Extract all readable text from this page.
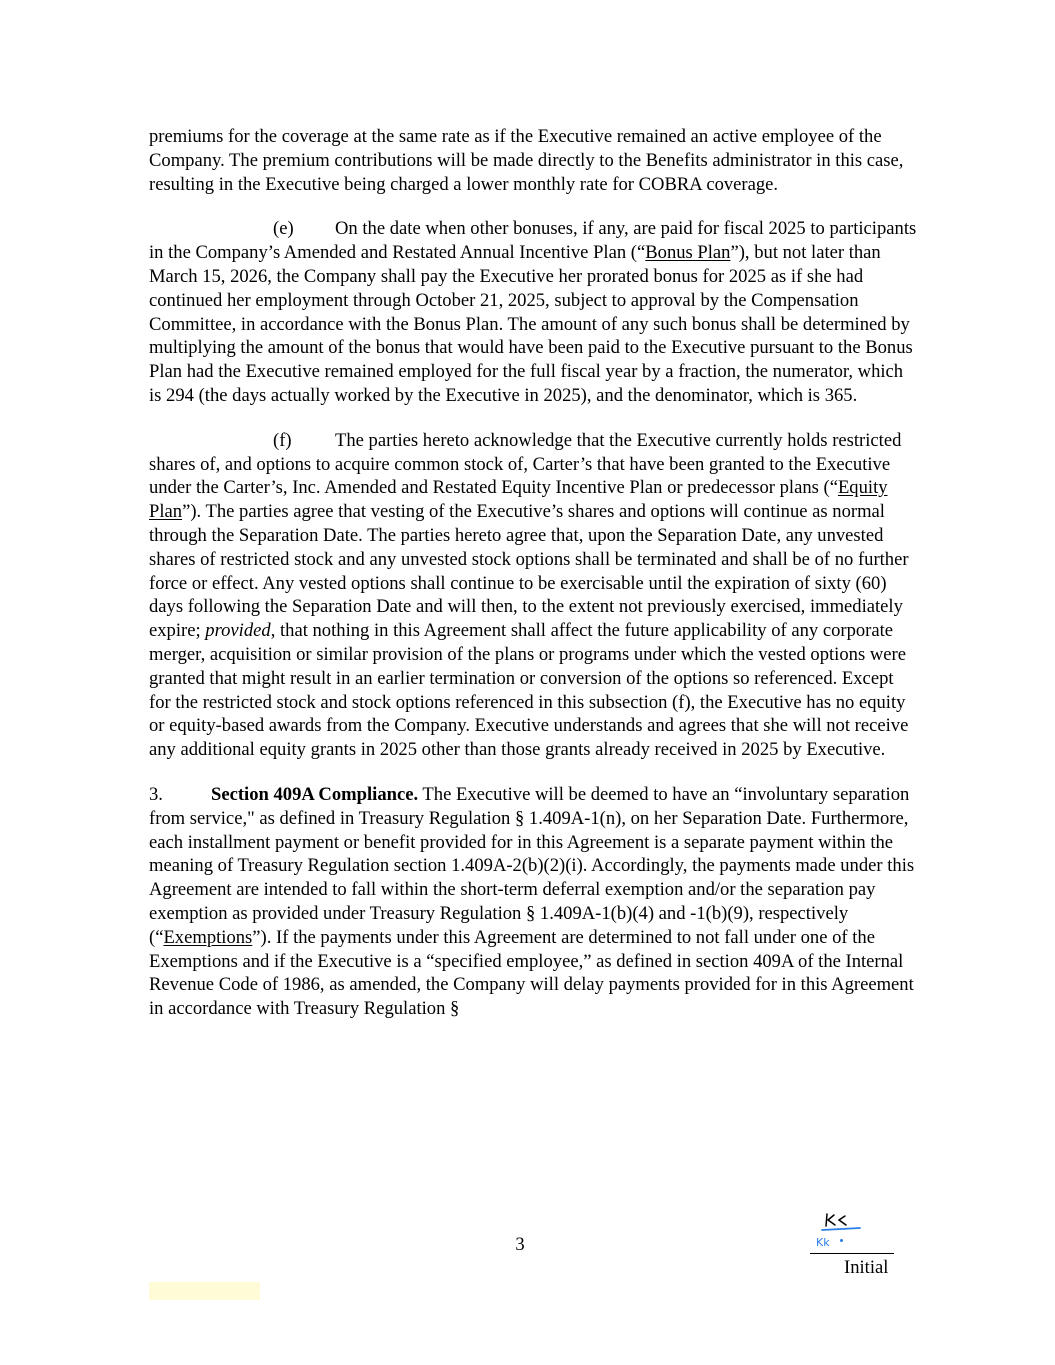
premiums for the coverage at the same rate as if the Executive remained an active employee of the Company. The premium contributions will be made directly to the Benefits administrator in this case, resulting in the Executive being charged a lower monthly rate for COBRA coverage.

(e) On the date when other bonuses, if any, are paid for fiscal 2025 to participants in the Company’s Amended and Restated Annual Incentive Plan (“Bonus Plan”), but not later than March 15, 2026, the Company shall pay the Executive her prorated bonus for 2025 as if she had continued her employment through October 21, 2025, subject to approval by the Compensation Committee, in accordance with the Bonus Plan. The amount of any such bonus shall be determined by multiplying the amount of the bonus that would have been paid to the Executive pursuant to the Bonus Plan had the Executive remained employed for the full fiscal year by a fraction, the numerator, which is 294 (the days actually worked by the Executive in 2025), and the denominator, which is 365.

(f) The parties hereto acknowledge that the Executive currently holds restricted shares of, and options to acquire common stock of, Carter’s that have been granted to the Executive under the Carter’s, Inc. Amended and Restated Equity Incentive Plan or predecessor plans (“Equity Plan”). The parties agree that vesting of the Executive’s shares and options will continue as normal through the Separation Date. The parties hereto agree that, upon the Separation Date, any unvested shares of restricted stock and any unvested stock options shall be terminated and shall be of no further force or effect. Any vested options shall continue to be exercisable until the expiration of sixty (60) days following the Separation Date and will then, to the extent not previously exercised, immediately expire; provided, that nothing in this Agreement shall affect the future applicability of any corporate merger, acquisition or similar provision of the plans or programs under which the vested options were granted that might result in an earlier termination or conversion of the options so referenced. Except for the restricted stock and stock options referenced in this subsection (f), the Executive has no equity or equity-based awards from the Company. Executive understands and agrees that she will not receive any additional equity grants in 2025 other than those grants already received in 2025 by Executive.

3.	Section 409A Compliance. The Executive will be deemed to have an “involuntary separation from service," as defined in Treasury Regulation § 1.409A-1(n), on her Separation Date. Furthermore, each installment payment or benefit provided for in this Agreement is a separate payment within the meaning of Treasury Regulation section 1.409A-2(b)(2)(i). Accordingly, the payments made under this Agreement are intended to fall within the short-term deferral exemption and/or the separation pay exemption as provided under Treasury Regulation § 1.409A-1(b)(4) and -1(b)(9), respectively (“Exemptions”). If the payments under this Agreement are determined to not fall under one of the Exemptions and if the Executive is a “specified employee,” as defined in section 409A of the Internal Revenue Code of 1986, as amended, the Company will delay payments provided for in this Agreement in accordance with Treasury Regulation §

3	Kk
Initial
